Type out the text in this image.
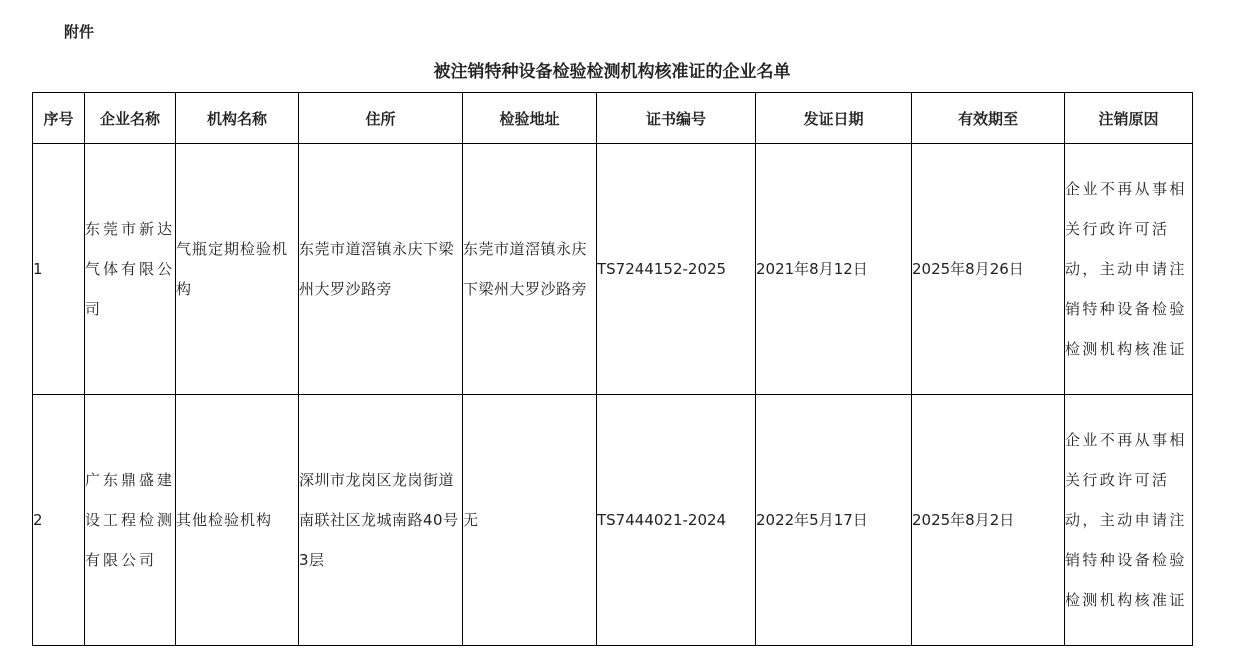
附件
被注销特种设备检验检测机构核准证的企业名单
序号	企业名称	机构名称	住所	检验地址	证书编号	发证日期	有效期至	注销原因
1	东莞市新达气体有限公司	气瓶定期检验机构	东莞市道滘镇永庆下梁州大罗沙路旁	东莞市道滘镇永庆下梁州大罗沙路旁	TS7244152-2025	2021年8月12日	2025年8月26日	企业不再从事相关行政许可活动，主动申请注销特种设备检验检测机构核准证
2	广东鼎盛建设工程检测有限公司	其他检验机构	深圳市龙岗区龙岗街道南联社区龙城南路40号3层	无	TS7444021-2024	2022年5月17日	2025年8月2日	企业不再从事相关行政许可活动，主动申请注销特种设备检验检测机构核准证
